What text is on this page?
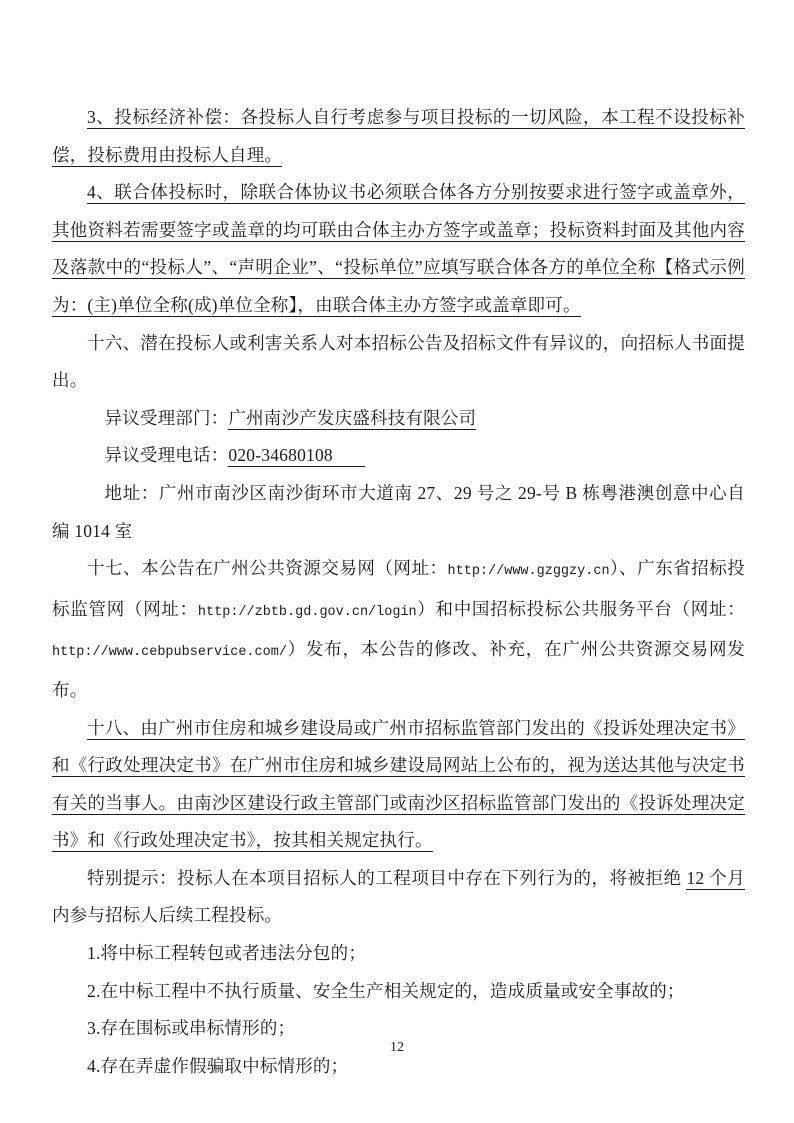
3、投标经济补偿：各投标人自行考虑参与项目投标的一切风险，本工程不设投标补偿，投标费用由投标人自理。

4、联合体投标时，除联合体协议书必须联合体各方分别按要求进行签字或盖章外，其他资料若需要签字或盖章的均可联由合体主办方签字或盖章；投标资料封面及其他内容及落款中的“投标人”、“声明企业”、“投标单位”应填写联合体各方的单位全称【格式示例为：(主)单位全称(成)单位全称】，由联合体主办方签字或盖章即可。

十六、潜在投标人或利害关系人对本招标公告及招标文件有异议的，向招标人书面提出。

异议受理部门：广州南沙产发庆盛科技有限公司

异议受理电话：020-34680108

地址：广州市南沙区南沙街环市大道南 27、29 号之 29-号 B 栋粤港澳创意中心自编 1014 室

十七、本公告在广州公共资源交易网（网址：http://www.gzggzy.cn）、广东省招标投标监管网（网址：http://zbtb.gd.gov.cn/login）和中国招标投标公共服务平台（网址：http://www.cebpubservice.com/）发布，本公告的修改、补充，在广州公共资源交易网发布。

十八、由广州市住房和城乡建设局或广州市招标监管部门发出的《投诉处理决定书》和《行政处理决定书》在广州市住房和城乡建设局网站上公布的，视为送达其他与决定书有关的当事人。由南沙区建设行政主管部门或南沙区招标监管部门发出的《投诉处理决定书》和《行政处理决定书》，按其相关规定执行。

特别提示：投标人在本项目招标人的工程项目中存在下列行为的，将被拒绝 12 个月内参与招标人后续工程投标。

1.将中标工程转包或者违法分包的；

2.在中标工程中不执行质量、安全生产相关规定的，造成质量或安全事故的；

3.存在围标或串标情形的；

4.存在弄虚作假骗取中标情形的；

12
